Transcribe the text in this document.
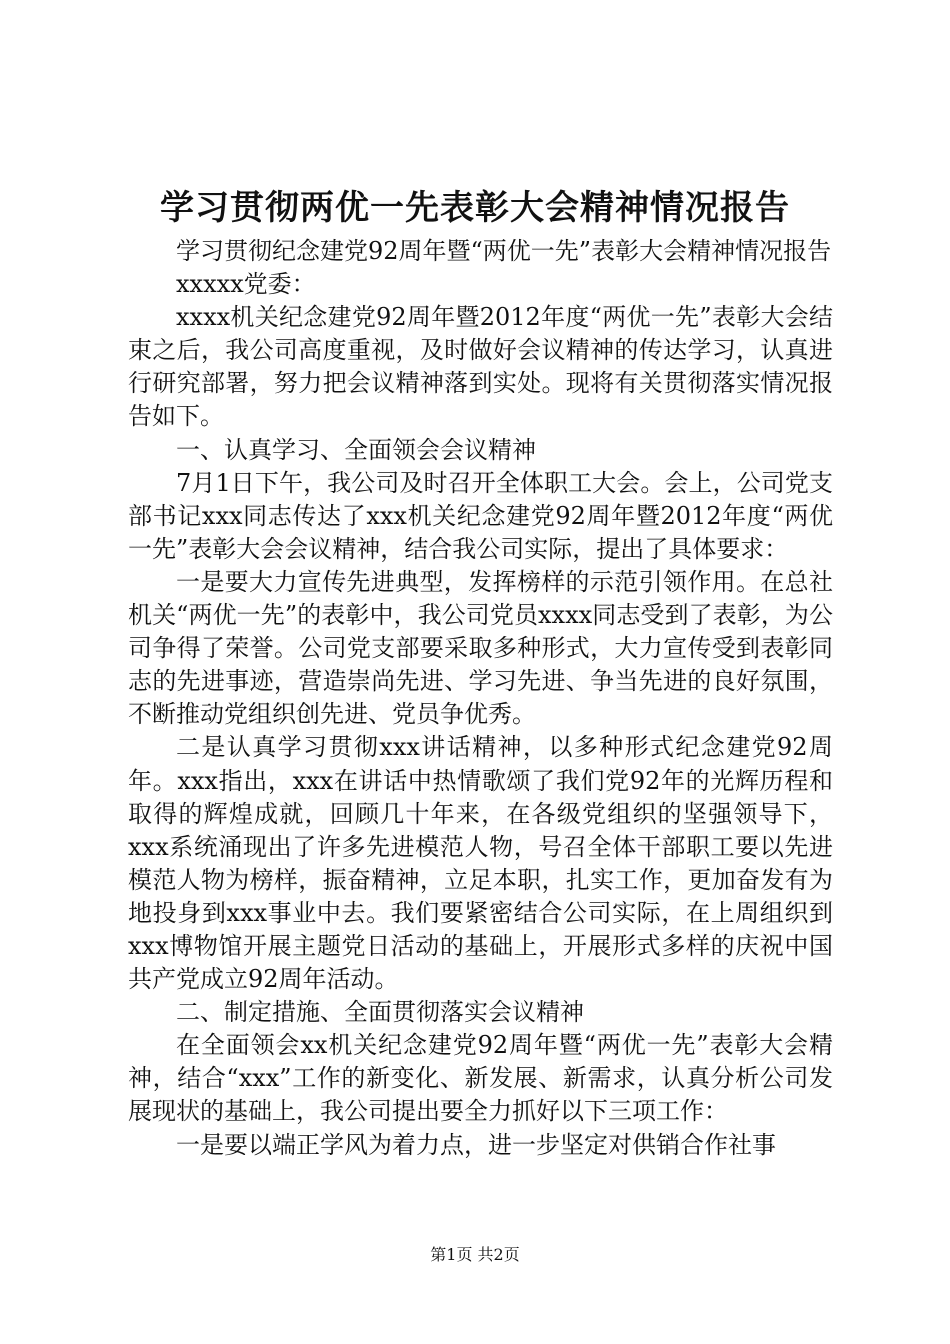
学习贯彻两优一先表彰大会精神情况报告

学习贯彻纪念建党92周年暨“两优一先”表彰大会精神情况报告

xxxxx党委：

xxxx机关纪念建党92周年暨2012年度“两优一先”表彰大会结束之后，我公司高度重视，及时做好会议精神的传达学习，认真进行研究部署，努力把会议精神落到实处。现将有关贯彻落实情况报告如下。

一、认真学习、全面领会会议精神

7月1日下午，我公司及时召开全体职工大会。会上，公司党支部书记xxx同志传达了xxx机关纪念建党92周年暨2012年度“两优一先”表彰大会会议精神，结合我公司实际，提出了具体要求：

一是要大力宣传先进典型，发挥榜样的示范引领作用。在总社机关“两优一先”的表彰中，我公司党员xxxx同志受到了表彰，为公司争得了荣誉。公司党支部要采取多种形式，大力宣传受到表彰同志的先进事迹，营造崇尚先进、学习先进、争当先进的良好氛围，不断推动党组织创先进、党员争优秀。

二是认真学习贯彻xxx讲话精神，以多种形式纪念建党92周年。xxx指出，xxx在讲话中热情歌颂了我们党92年的光辉历程和取得的辉煌成就，回顾几十年来，在各级党组织的坚强领导下，xxx系统涌现出了许多先进模范人物，号召全体干部职工要以先进模范人物为榜样，振奋精神，立足本职，扎实工作，更加奋发有为地投身到xxx事业中去。我们要紧密结合公司实际，在上周组织到xxx博物馆开展主题党日活动的基础上，开展形式多样的庆祝中国共产党成立92周年活动。

二、制定措施、全面贯彻落实会议精神

在全面领会xx机关纪念建党92周年暨“两优一先”表彰大会精神，结合“xxx”工作的新变化、新发展、新需求，认真分析公司发展现状的基础上，我公司提出要全力抓好以下三项工作：

一是要以端正学风为着力点，进一步坚定对供销合作社事

第1页 共2页
